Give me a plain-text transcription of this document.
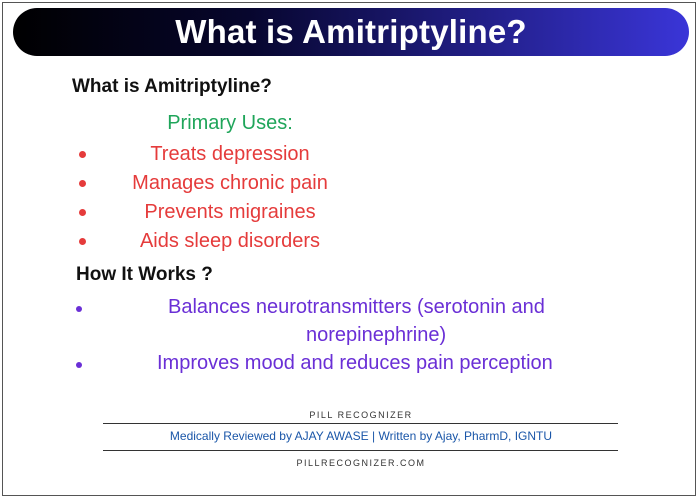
What is Amitriptyline?
What is Amitriptyline?
Primary Uses:
Treats depression
Manages chronic pain
Prevents migraines
Aids sleep disorders
How It Works ?
Balances neurotransmitters (serotonin and
norepinephrine)
Improves mood and reduces pain perception
PILL RECOGNIZER
Medically Reviewed by AJAY AWASE | Written by Ajay, PharmD, IGNTU
PILLRECOGNIZER.COM
